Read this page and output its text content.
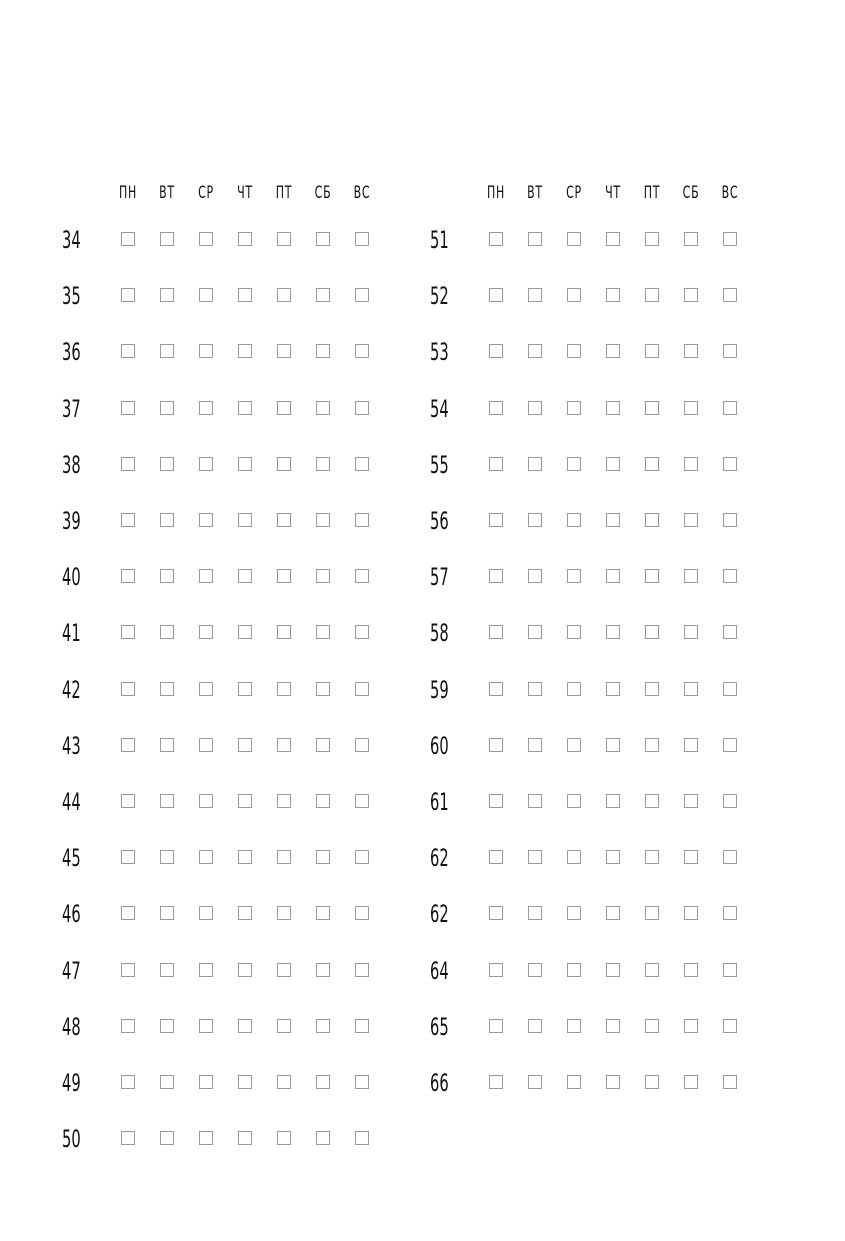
ПН ВТ СР ЧТ ПТ СБ ВС
34
35
36
37
38
39
40
41
42
43
44
45
46
47
48
49
50
ПН ВТ СР ЧТ ПТ СБ ВС
51
52
53
54
55
56
57
58
59
60
61
62
62
64
65
66
